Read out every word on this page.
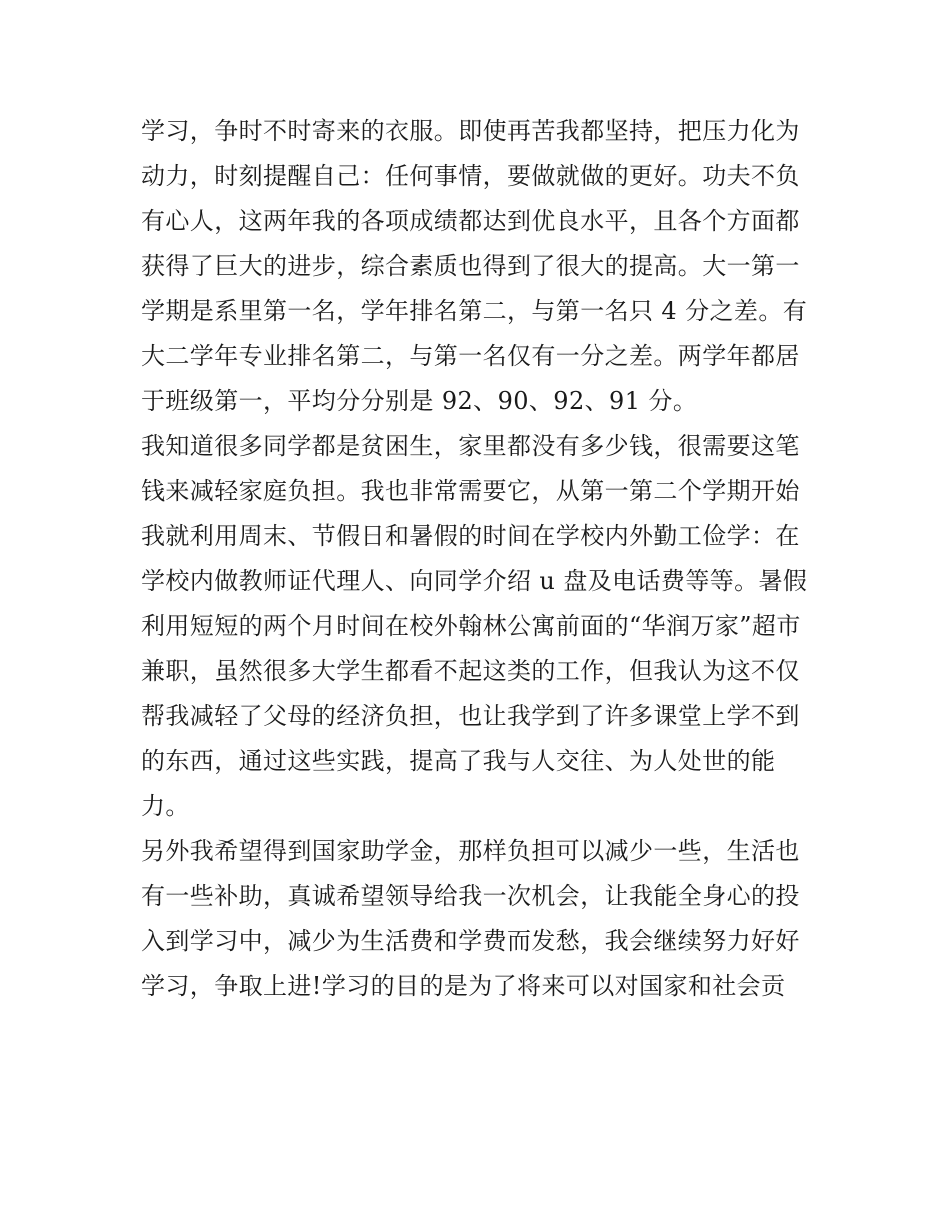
学习，争时不时寄来的衣服。即使再苦我都坚持，把压力化为
动力，时刻提醒自己：任何事情，要做就做的更好。功夫不负
有心人，这两年我的各项成绩都达到优良水平，且各个方面都
获得了巨大的进步，综合素质也得到了很大的提高。大一第一
学期是系里第一名，学年排名第二，与第一名只 4 分之差。有
大二学年专业排名第二，与第一名仅有一分之差。两学年都居
于班级第一，平均分分别是 92、90、92、91 分。
我知道很多同学都是贫困生，家里都没有多少钱，很需要这笔
钱来减轻家庭负担。我也非常需要它，从第一第二个学期开始
我就利用周末、节假日和暑假的时间在学校内外勤工俭学：在
学校内做教师证代理人、向同学介绍 u 盘及电话费等等。暑假
利用短短的两个月时间在校外翰林公寓前面的“华润万家”超市
兼职，虽然很多大学生都看不起这类的工作，但我认为这不仅
帮我减轻了父母的经济负担，也让我学到了许多课堂上学不到
的东西，通过这些实践，提高了我与人交往、为人处世的能
力。
另外我希望得到国家助学金，那样负担可以减少一些，生活也
有一些补助，真诚希望领导给我一次机会，让我能全身心的投
入到学习中，减少为生活费和学费而发愁，我会继续努力好好
学习，争取上进!学习的目的是为了将来可以对国家和社会贡
